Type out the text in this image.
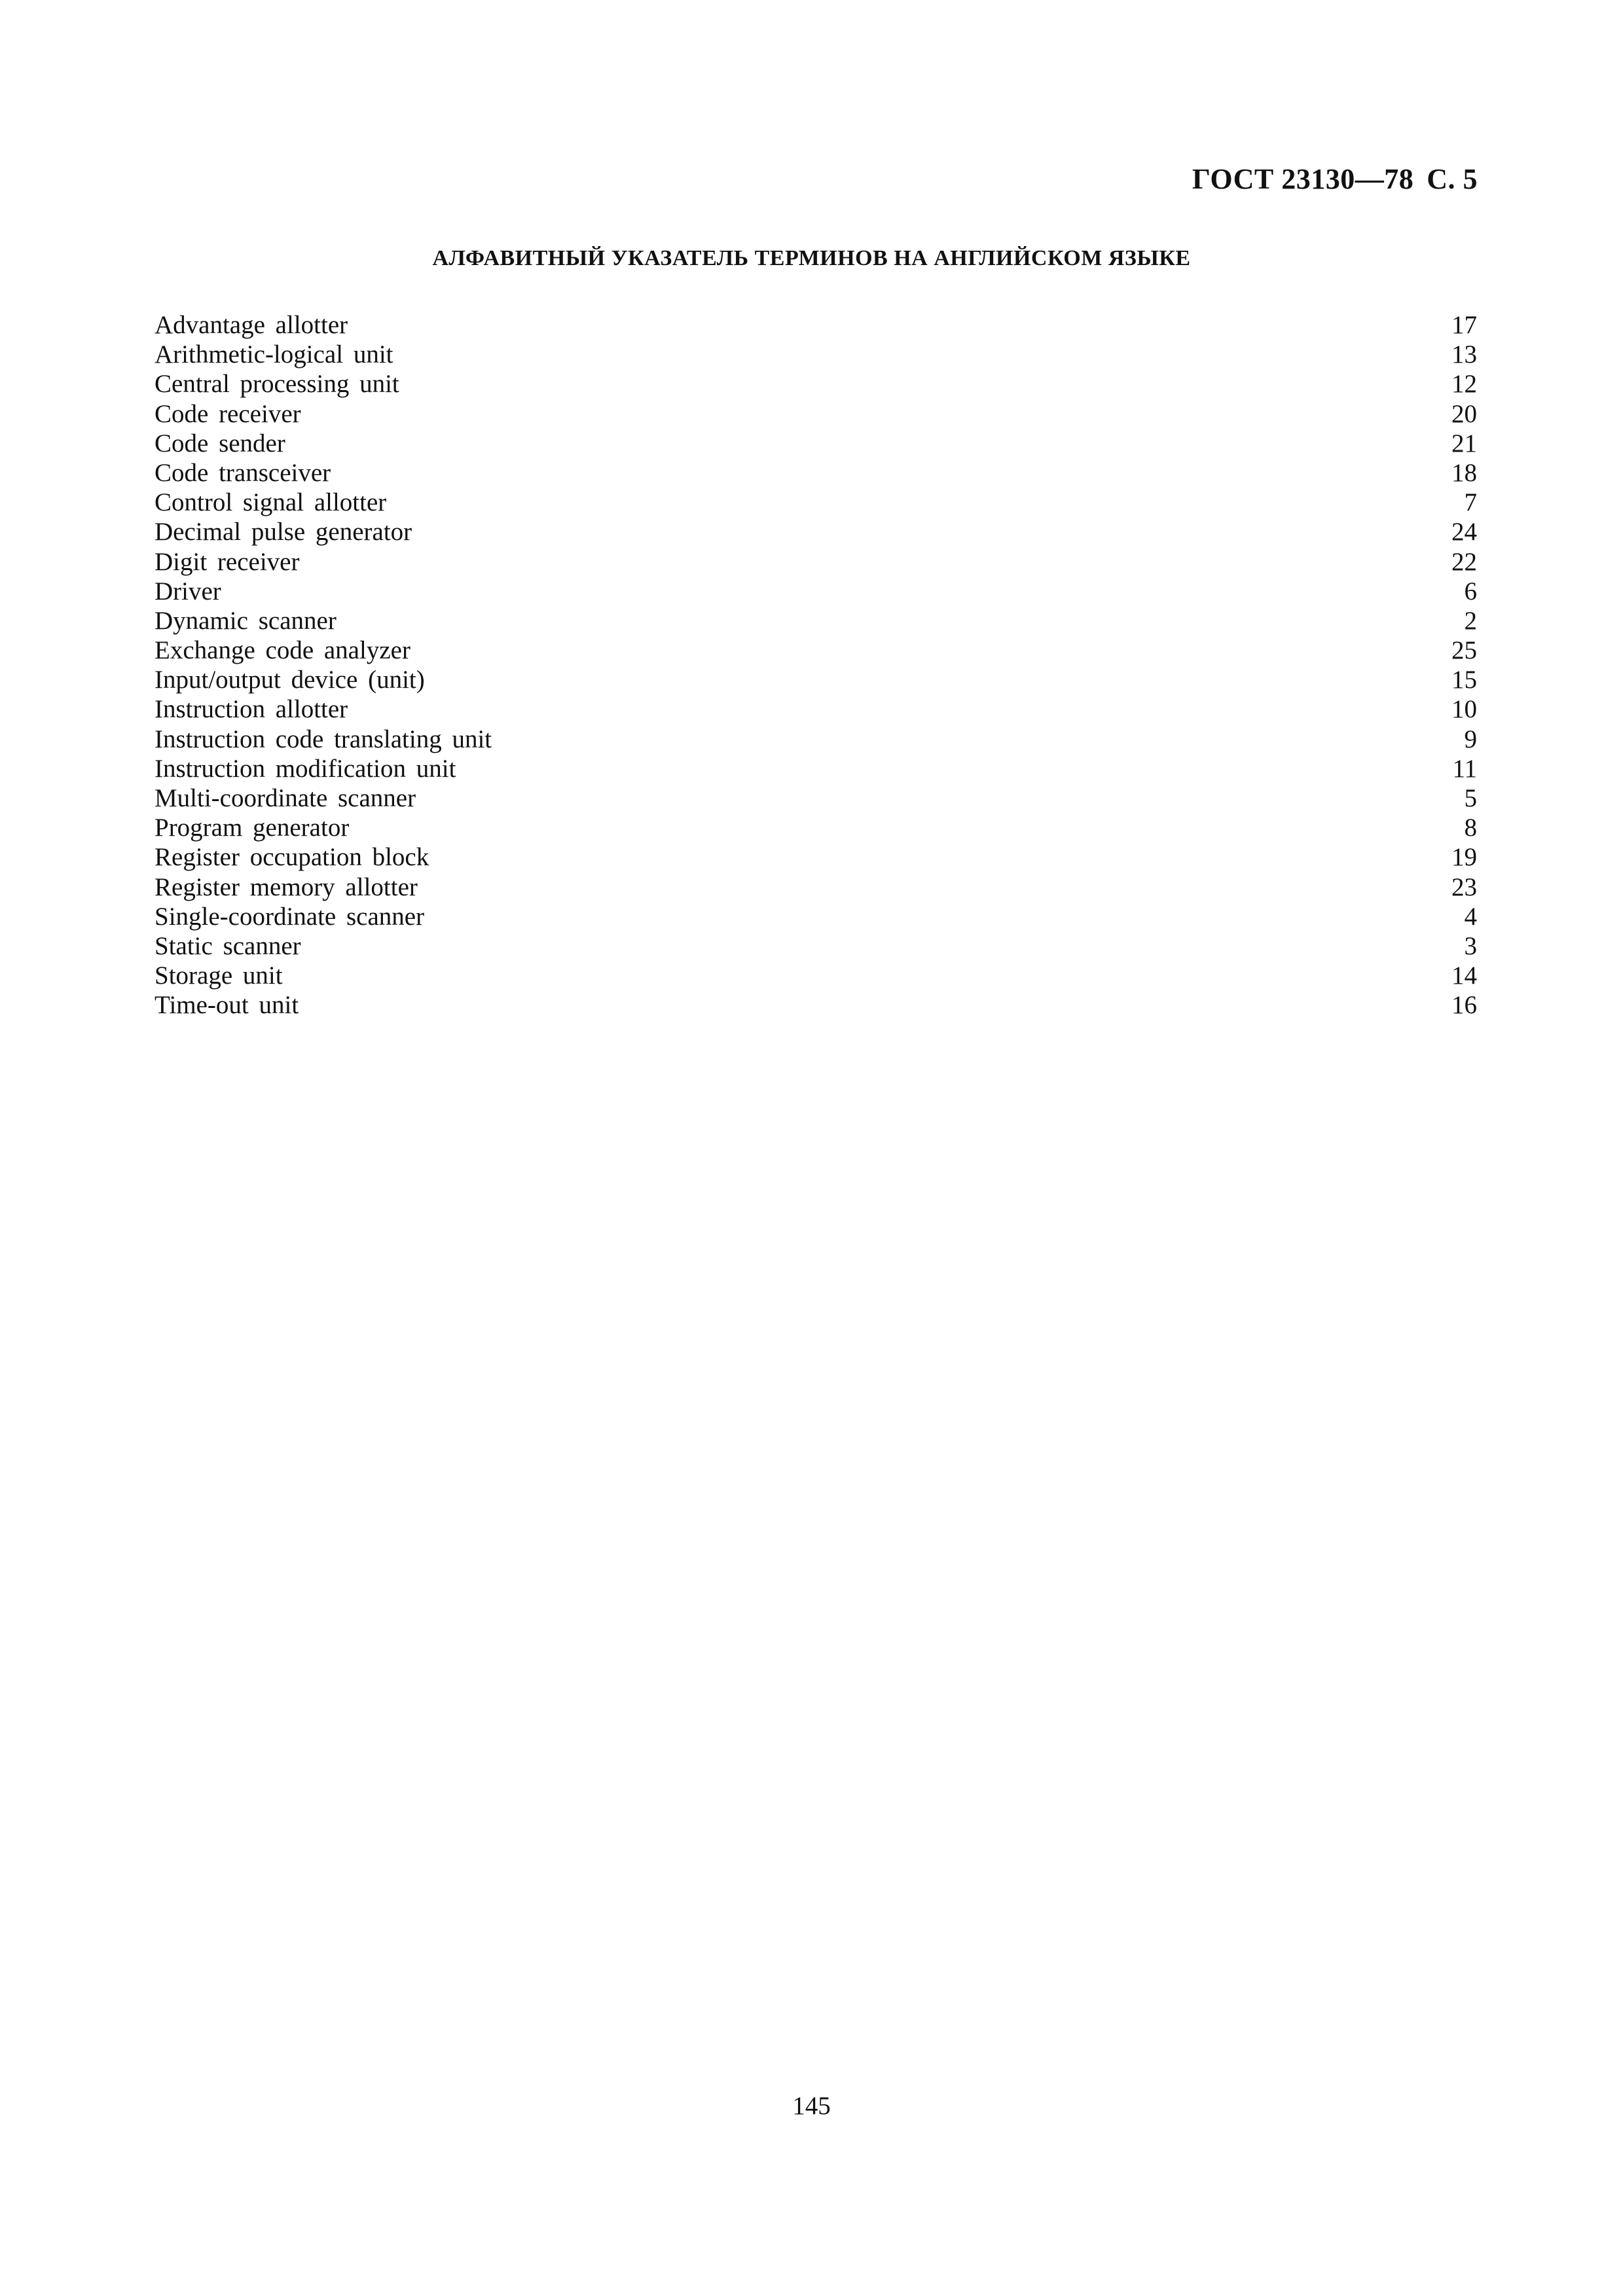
ГОСТ 23130—78 С. 5
АЛФАВИТНЫЙ УКАЗАТЕЛЬ ТЕРМИНОВ НА АНГЛИЙСКОМ ЯЗЫКЕ
Advantage allotter	17
Arithmetic-logical unit	13
Central processing unit	12
Code receiver	20
Code sender	21
Code transceiver	18
Control signal allotter	7
Decimal pulse generator	24
Digit receiver	22
Driver	6
Dynamic scanner	2
Exchange code analyzer	25
Input/output device (unit)	15
Instruction allotter	10
Instruction code translating unit	9
Instruction modification unit	11
Multi-coordinate scanner	5
Program generator	8
Register occupation block	19
Register memory allotter	23
Single-coordinate scanner	4
Static scanner	3
Storage unit	14
Time-out unit	16
145
